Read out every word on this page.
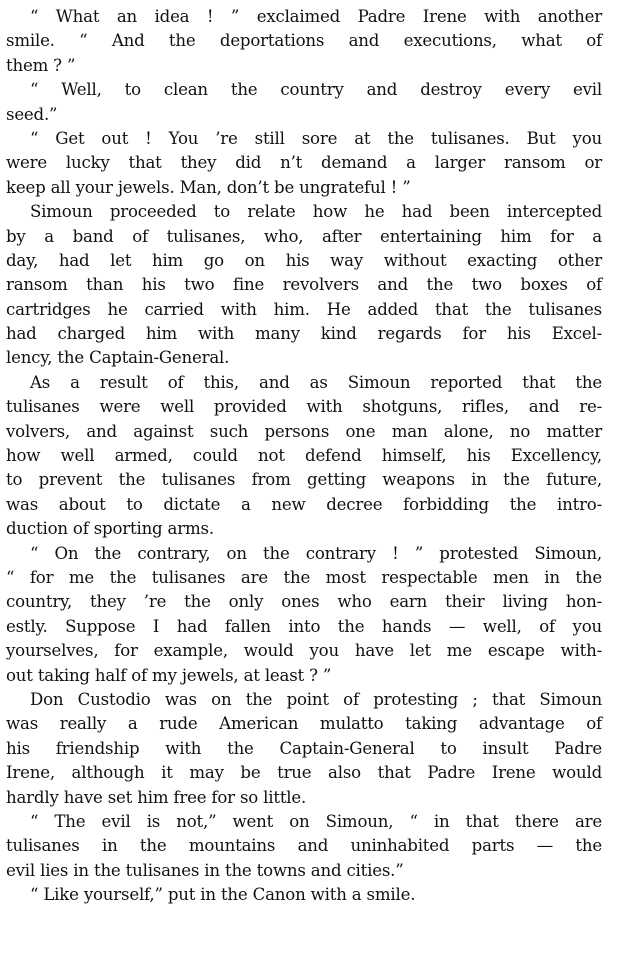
“ What an idea ! ” exclaimed Padre Irene with another
smile. “ And the deportations and executions, what of
them ? ”
“ Well, to clean the country and destroy every evil
seed.”
“ Get out ! You ’re still sore at the tulisanes. But you
were lucky that they did n’t demand a larger ransom or
keep all your jewels. Man, don’t be ungrateful ! ”
Simoun proceeded to relate how he had been intercepted
by a band of tulisanes, who, after entertaining him for a
day, had let him go on his way without exacting other
ransom than his two fine revolvers and the two boxes of
cartridges he carried with him. He added that the tulisanes
had charged him with many kind regards for his Excel-
lency, the Captain-General.
As a result of this, and as Simoun reported that the
tulisanes were well provided with shotguns, rifles, and re-
volvers, and against such persons one man alone, no matter
how well armed, could not defend himself, his Excellency,
to prevent the tulisanes from getting weapons in the future,
was about to dictate a new decree forbidding the intro-
duction of sporting arms.
“ On the contrary, on the contrary ! ” protested Simoun,
“ for me the tulisanes are the most respectable men in the
country, they ’re the only ones who earn their living hon-
estly. Suppose I had fallen into the hands — well, of you
yourselves, for example, would you have let me escape with-
out taking half of my jewels, at least ? ”
Don Custodio was on the point of protesting ; that Simoun
was really a rude American mulatto taking advantage of
his friendship with the Captain-General to insult Padre
Irene, although it may be true also that Padre Irene would
hardly have set him free for so little.
“ The evil is not,” went on Simoun, “ in that there are
tulisanes in the mountains and uninhabited parts — the
evil lies in the tulisanes in the towns and cities.”
“ Like yourself,” put in the Canon with a smile.
